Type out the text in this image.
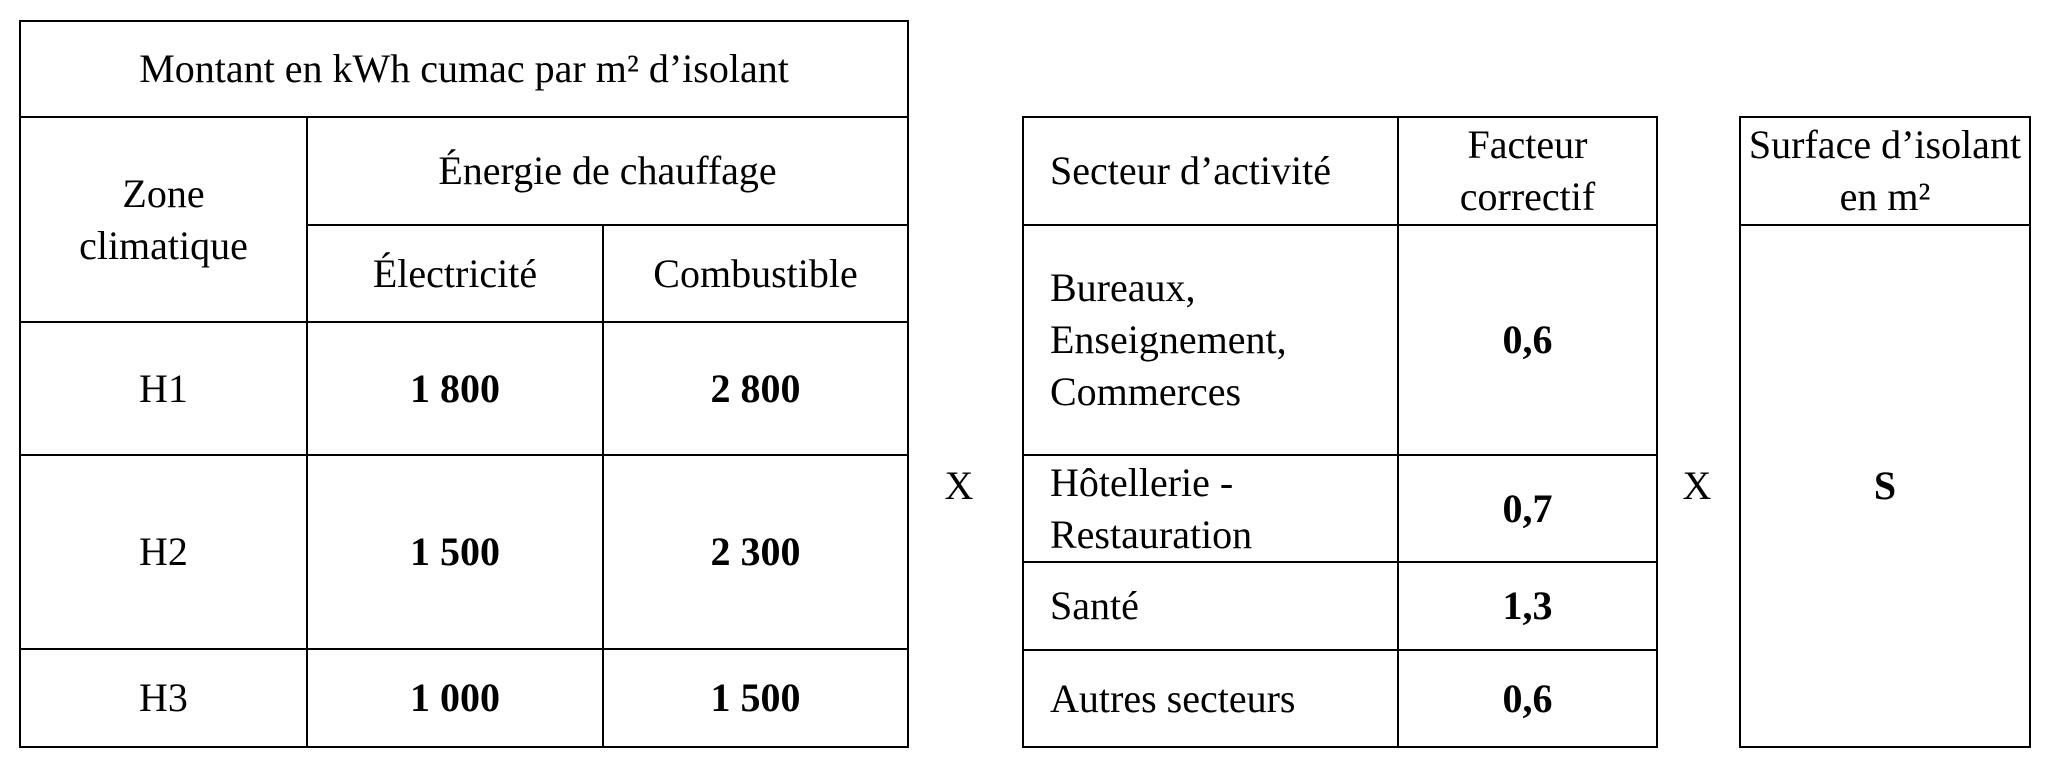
Montant en kWh cumac par m² d’isolant		
Zone climatique	Énergie de chauffage	
	Électricité	Combustible
H1	1 800	2 800
H2	1 500	2 300
H3	1 000	1 500
X
Secteur d’activité	Facteur correctif
Bureaux, Enseignement, Commerces	0,6
Hôtellerie - Restauration	0,7
Santé	1,3
Autres secteurs	0,6
X
Surface d’isolant en m²
S
